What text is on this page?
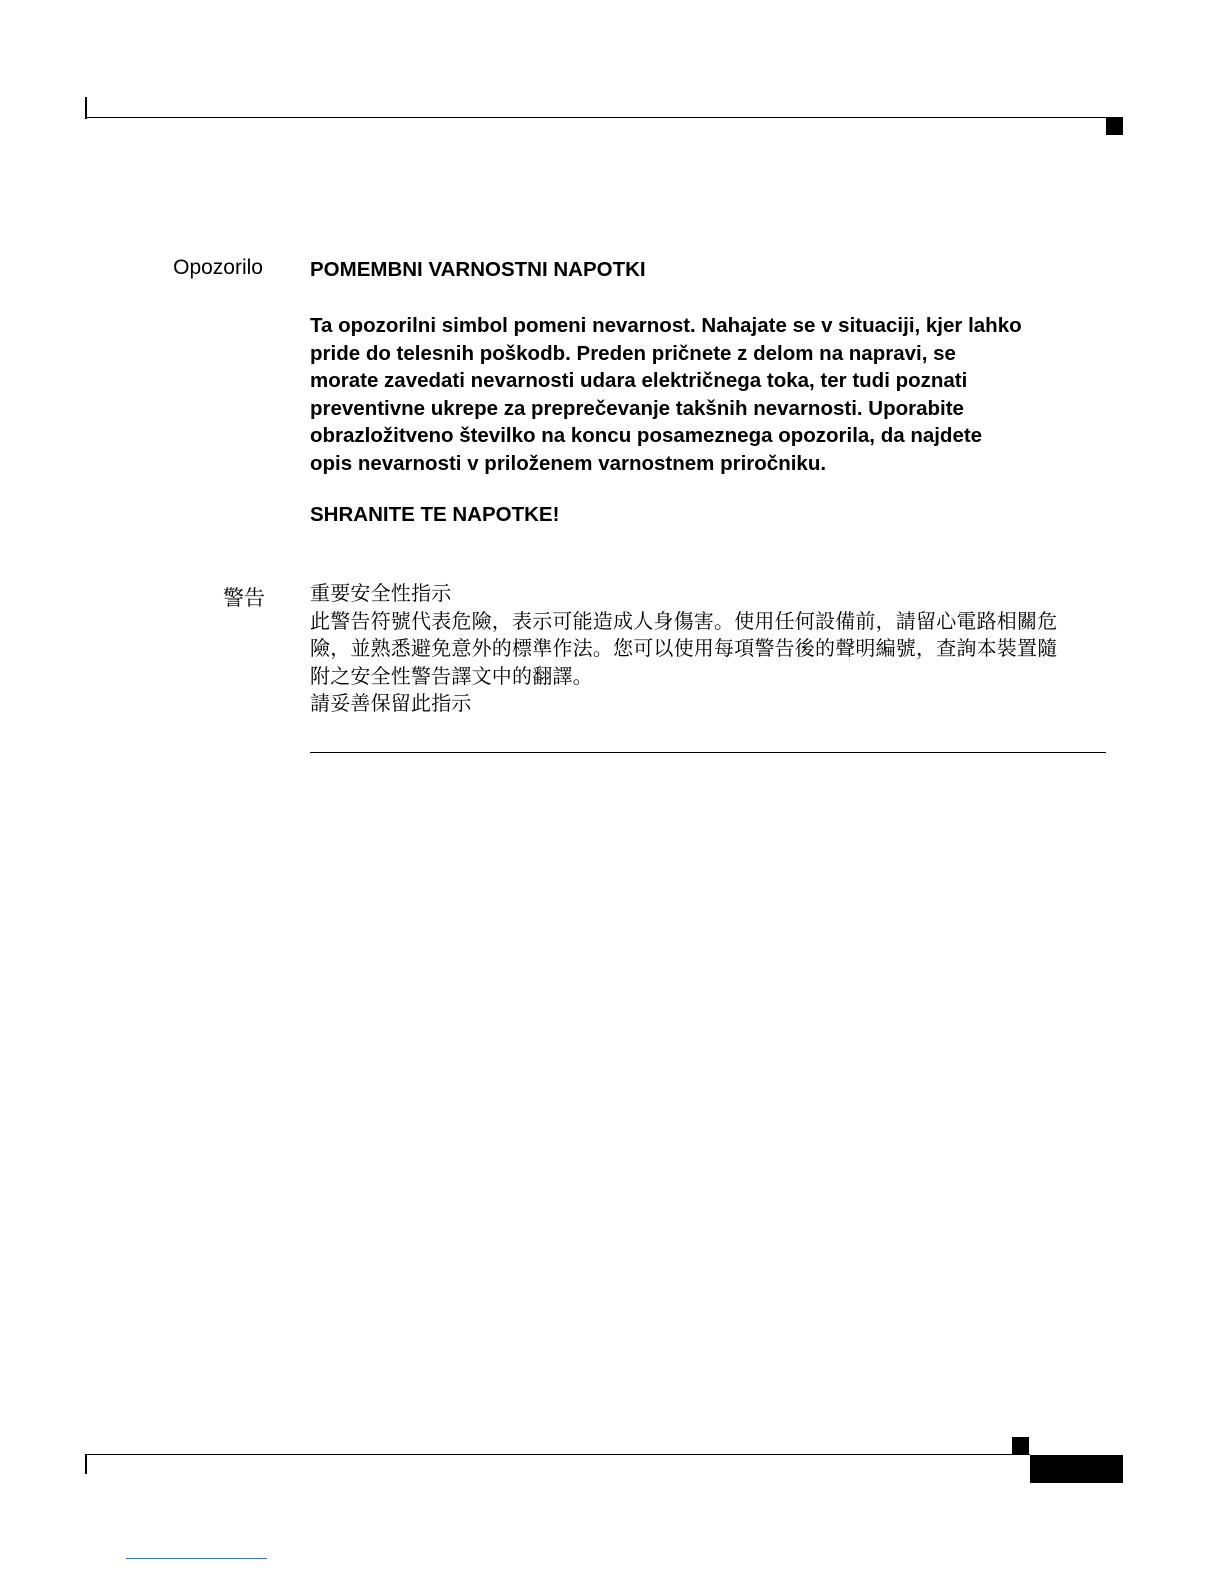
Opozorilo POMEMBNI VARNOSTNI NAPOTKI
Ta opozorilni simbol pomeni nevarnost. Nahajate se v situaciji, kjer lahko
pride do telesnih poškodb. Preden pričnete z delom na napravi, se
morate zavedati nevarnosti udara električnega toka, ter tudi poznati
preventivne ukrepe za preprečevanje takšnih nevarnosti. Uporabite
obrazložitveno številko na koncu posameznega opozorila, da najdete
opis nevarnosti v priloženem varnostnem priročniku.
SHRANITE TE NAPOTKE!
警告 重要安全性指示
此警告符號代表危險，表示可能造成人身傷害。使用任何設備前，請留心電路相關危
險，並熟悉避免意外的標準作法。您可以使用每項警告後的聲明編號，查詢本裝置隨
附之安全性警告譯文中的翻譯。
請妥善保留此指示
